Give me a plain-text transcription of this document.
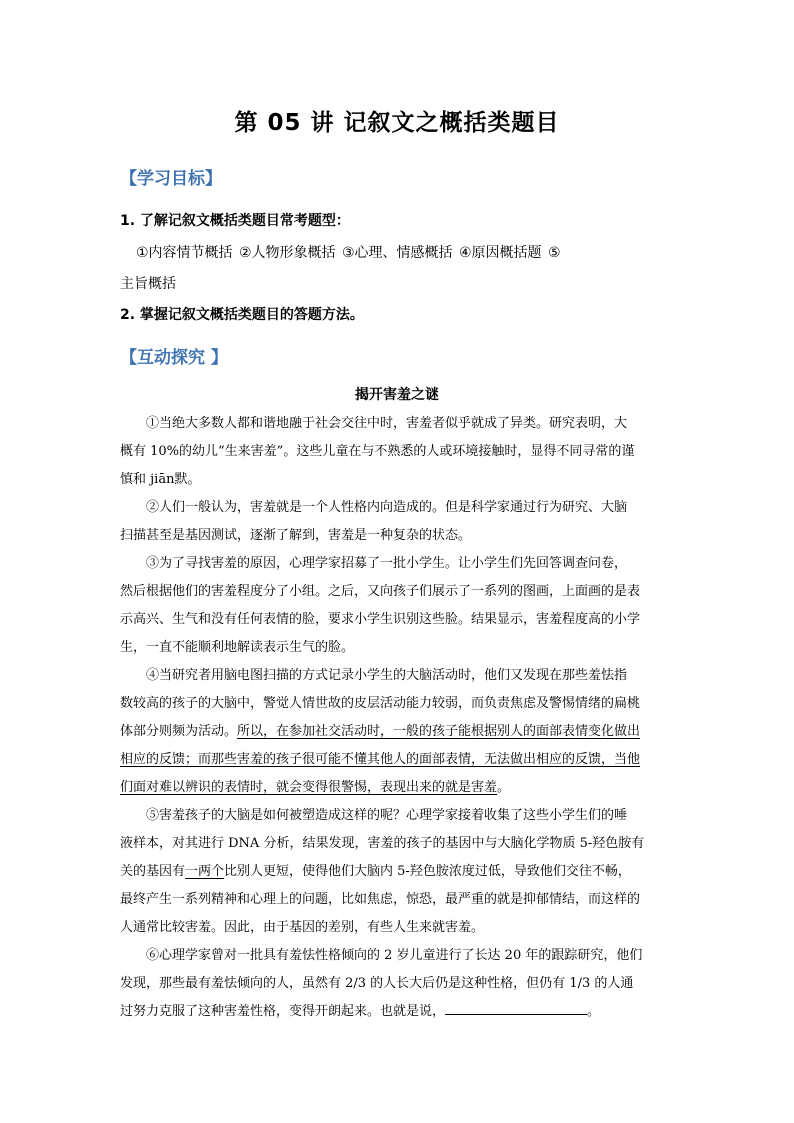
第 05 讲 记叙文之概括类题目
【学习目标】
1. 了解记叙文概括类题目常考题型：
①内容情节概括 ②人物形象概括 ③心理、情感概括 ④原因概括题 ⑤
主旨概括
2. 掌握记叙文概括类题目的答题方法。
【互动探究 】
揭开害羞之谜
①当绝大多数人都和谐地融于社会交往中时，害羞者似乎就成了异类。研究表明，大
概有 10%的幼儿“生来害羞”。这些儿童在与不熟悉的人或环境接触时，显得不同寻常的谨
慎和 jiān默。
②人们一般认为，害羞就是一个人性格内向造成的。但是科学家通过行为研究、大脑
扫描甚至是基因测试，逐渐了解到，害羞是一种复杂的状态。
③为了寻找害羞的原因，心理学家招募了一批小学生。让小学生们先回答调查问卷，
然后根据他们的害羞程度分了小组。之后，又向孩子们展示了一系列的图画，上面画的是表
示高兴、生气和没有任何表情的脸，要求小学生识别这些脸。结果显示，害羞程度高的小学
生，一直不能顺利地解读表示生气的脸。
④当研究者用脑电图扫描的方式记录小学生的大脑活动时，他们又发现在那些羞怯指
数较高的孩子的大脑中，警觉人情世故的皮层活动能力较弱，而负责焦虑及警惕情绪的扁桃
体部分则频为活动。所以，在参加社交活动时，一般的孩子能根据别人的面部表情变化做出
相应的反馈；而那些害羞的孩子很可能不懂其他人的面部表情，无法做出相应的反馈，当他
们面对难以辨识的表情时，就会变得很警惕，表现出来的就是害羞。
⑤害羞孩子的大脑是如何被塑造成这样的呢？心理学家接着收集了这些小学生们的唾
液样本，对其进行 DNA 分析，结果发现，害羞的孩子的基因中与大脑化学物质 5-羟色胺有
关的基因有一两个比别人更短，使得他们大脑内 5-羟色胺浓度过低，导致他们交往不畅，
最终产生一系列精神和心理上的问题，比如焦虑，惊恐，最严重的就是抑郁情结，而这样的
人通常比较害羞。因此，由于基因的差别，有些人生来就害羞。
⑥心理学家曾对一批具有羞怯性格倾向的 2 岁儿童进行了长达 20 年的跟踪研究，他们
发现，那些最有羞怯倾向的人，虽然有 2/3 的人长大后仍是这种性格，但仍有 1/3 的人通
过努力克服了这种害羞性格，变得开朗起来。也就是说，	。
